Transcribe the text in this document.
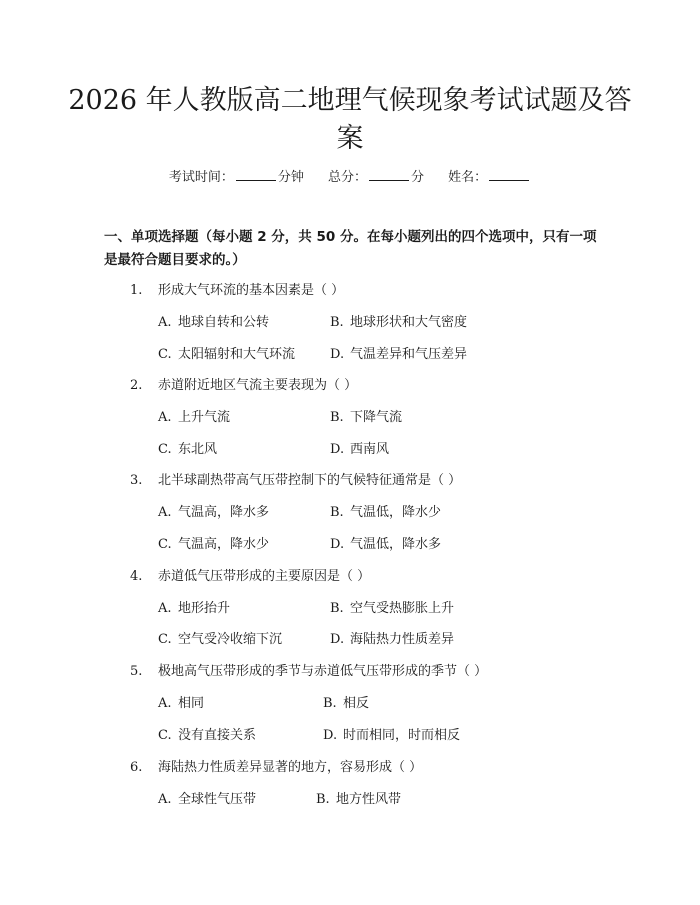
2026 年人教版高二地理气候现象考试试题及答案
考试时间：	分钟 总分：	分 姓名：
一、单项选择题（每小题 2 分，共 50 分。在每小题列出的四个选项中，只有一项是最符合题目要求的。）
1. 形成大气环流的基本因素是（ ）
A. 地球自转和公转	B. 地球形状和大气密度
C. 太阳辐射和大气环流	D. 气温差异和气压差异
2. 赤道附近地区气流主要表现为（ ）
A. 上升气流	B. 下降气流
C. 东北风	D. 西南风
3. 北半球副热带高气压带控制下的气候特征通常是（ ）
A. 气温高，降水多	B. 气温低，降水少
C. 气温高，降水少	D. 气温低，降水多
4. 赤道低气压带形成的主要原因是（ ）
A. 地形抬升	B. 空气受热膨胀上升
C. 空气受冷收缩下沉	D. 海陆热力性质差异
5. 极地高气压带形成的季节与赤道低气压带形成的季节（ ）
A. 相同	B. 相反
C. 没有直接关系	D. 时而相同，时而相反
6. 海陆热力性质差异显著的地方，容易形成（ ）
A. 全球性气压带	B. 地方性风带
